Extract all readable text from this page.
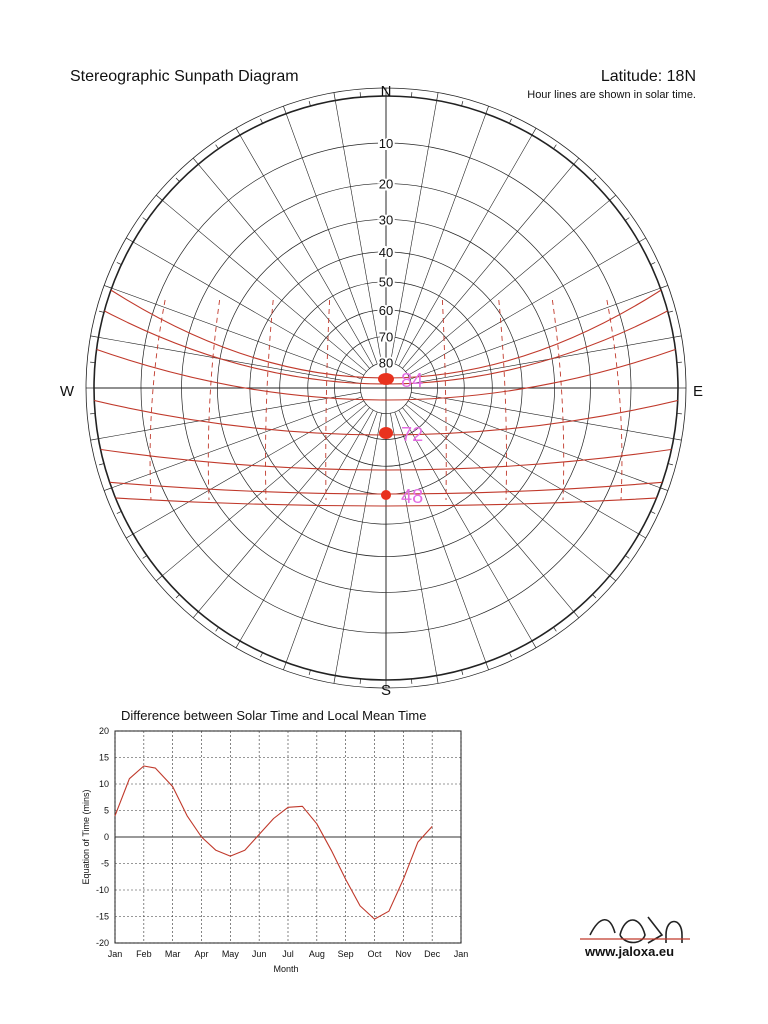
Stereographic Sunpath Diagram	Latitude: 18N
Hour lines are shown in solar time.
10
20
30
40
50
60
70
80
N
S
W	E
84
72
48
Difference between Solar Time and Local Mean Time
Jan Feb Mar Apr May Jun Jul Aug Sep Oct Nov Dec Jan
20
15
10
5
0
-5
-10
-15
-20
Month
Equation of Time (mins)
www.jaloxa.eu
